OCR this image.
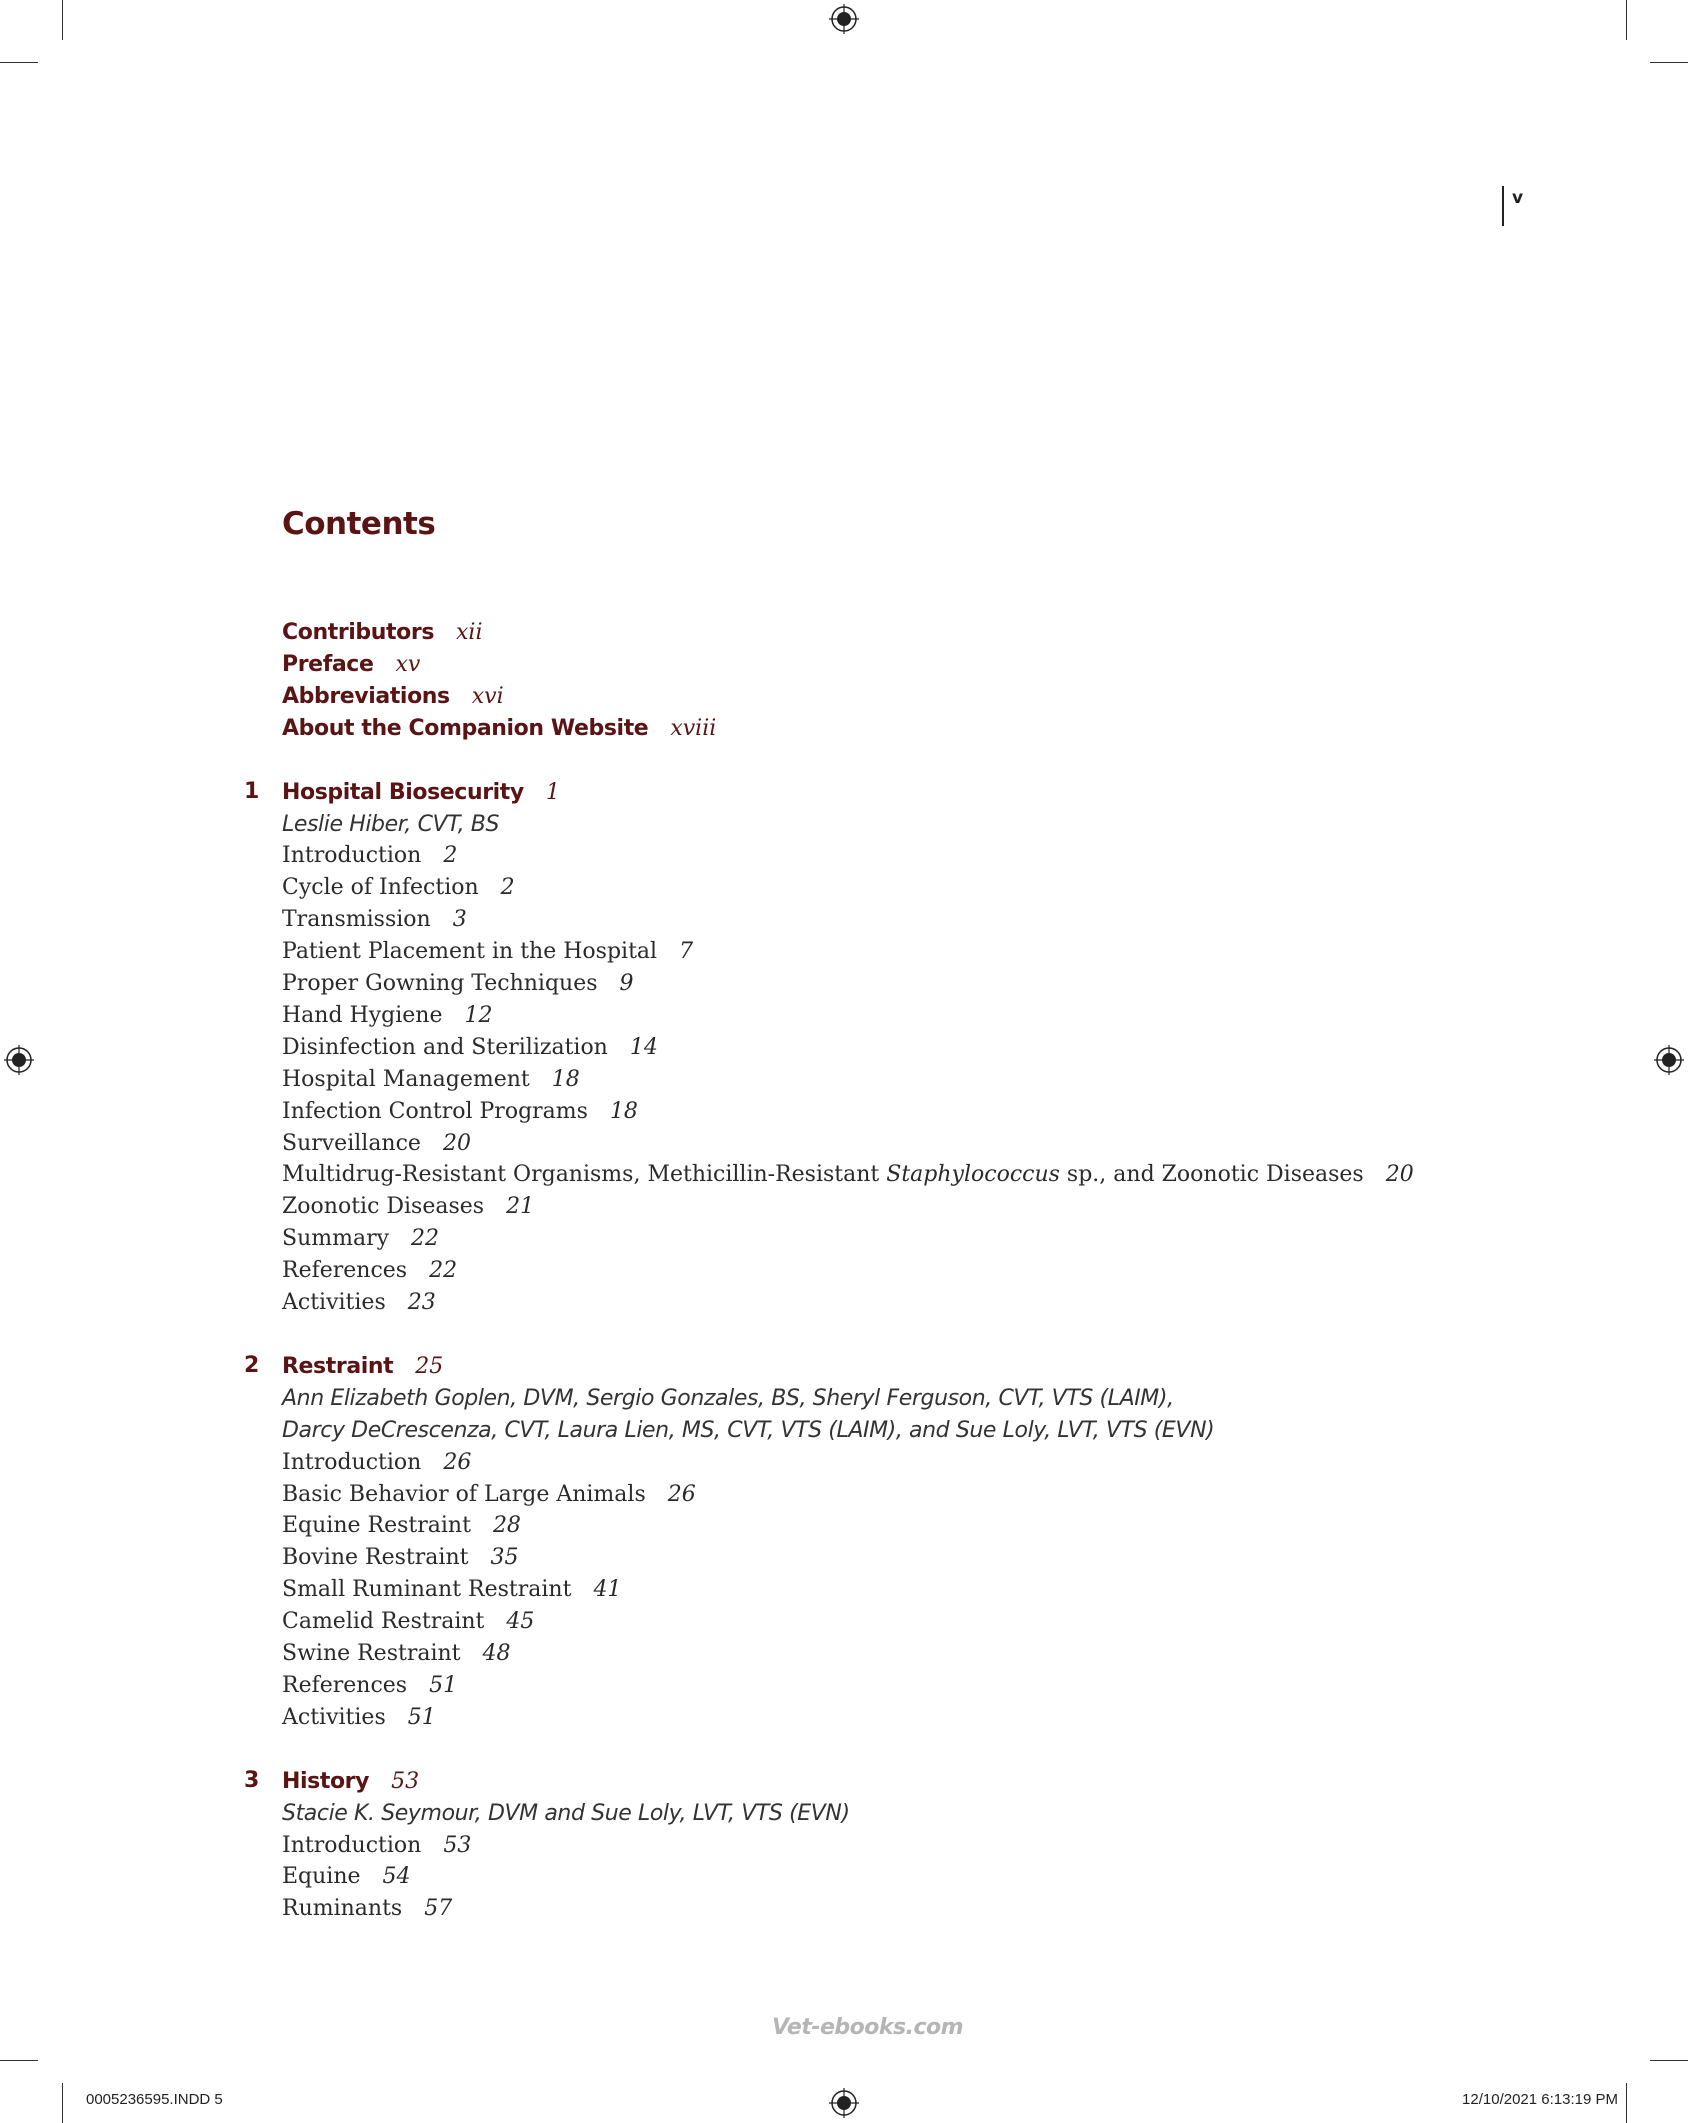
v
Contents
Contributors xii
Preface xv
Abbreviations xvi
About the Companion Website xviii
1 Hospital Biosecurity 1
Leslie Hiber, CVT, BS
Introduction 2
Cycle of Infection 2
Transmission 3
Patient Placement in the Hospital 7
Proper Gowning Techniques 9
Hand Hygiene 12
Disinfection and Sterilization 14
Hospital Management 18
Infection Control Programs 18
Surveillance 20
Multidrug-Resistant Organisms, Methicillin-Resistant Staphylococcus sp., and Zoonotic Diseases 20
Zoonotic Diseases 21
Summary 22
References 22
Activities 23
2 Restraint 25
Ann Elizabeth Goplen, DVM, Sergio Gonzales, BS, Sheryl Ferguson, CVT, VTS (LAIM),
Darcy DeCrescenza, CVT, Laura Lien, MS, CVT, VTS (LAIM), and Sue Loly, LVT, VTS (EVN)
Introduction 26
Basic Behavior of Large Animals 26
Equine Restraint 28
Bovine Restraint 35
Small Ruminant Restraint 41
Camelid Restraint 45
Swine Restraint 48
References 51
Activities 51
3 History 53
Stacie K. Seymour, DVM and Sue Loly, LVT, VTS (EVN)
Introduction 53
Equine 54
Ruminants 57
Vet-ebooks.com
0005236595.INDD 5	12/10/2021 6:13:19 PM
